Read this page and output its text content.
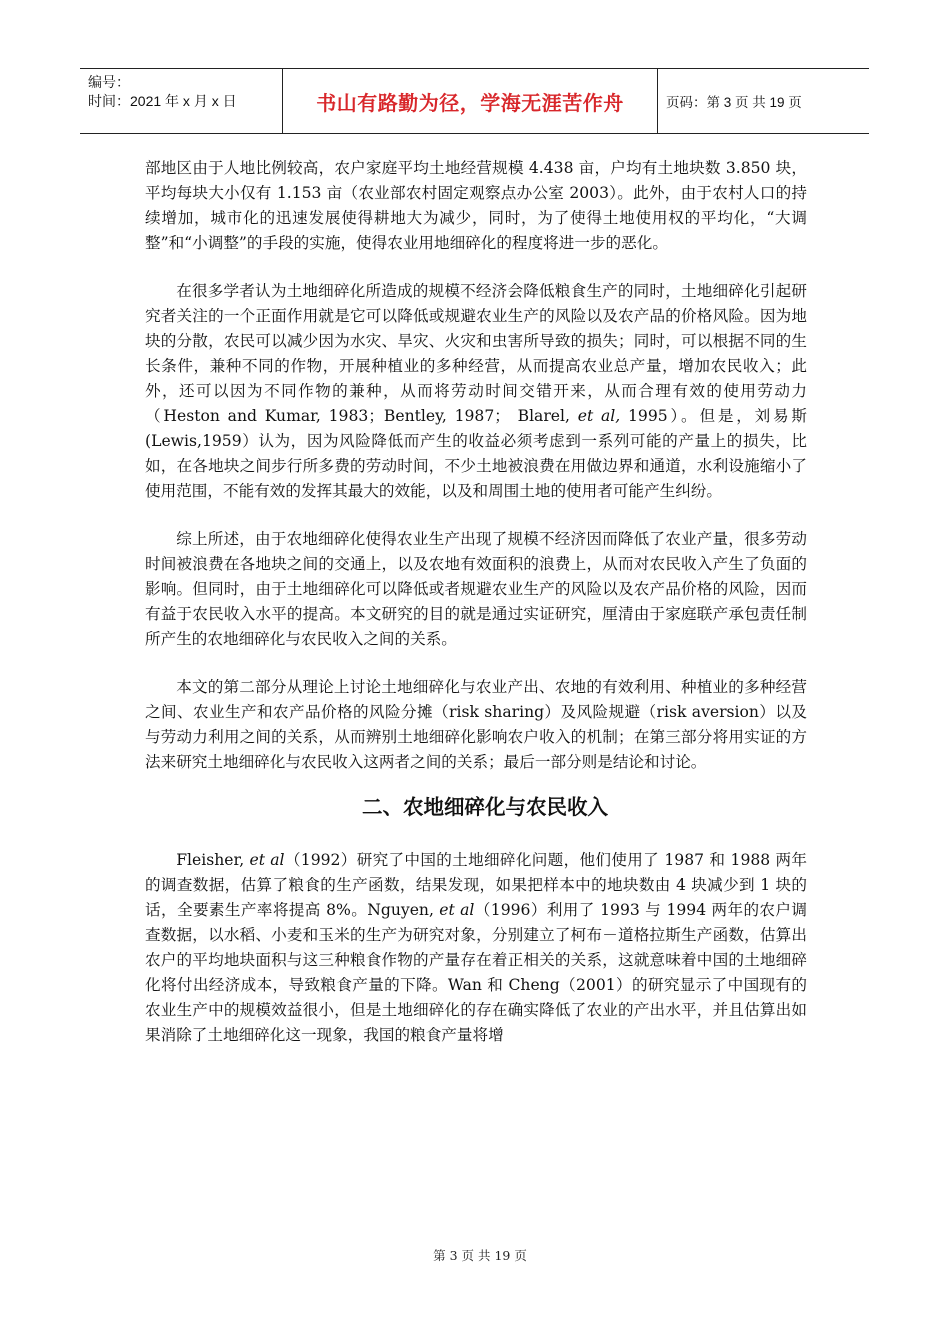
编号：
时间：2021 年 x 月 x 日	书山有路勤为径，学海无涯苦作舟	页码：第 3 页 共 19 页

部地区由于人地比例较高，农户家庭平均土地经营规模 4.438 亩，户均有土地块数 3.850 块，平均每块大小仅有 1.153 亩（农业部农村固定观察点办公室 2003）。此外，由于农村人口的持续增加，城市化的迅速发展使得耕地大为减少，同时，为了使得土地使用权的平均化，“大调整”和“小调整”的手段的实施，使得农业用地细碎化的程度将进一步的恶化。

在很多学者认为土地细碎化所造成的规模不经济会降低粮食生产的同时，土地细碎化引起研究者关注的一个正面作用就是它可以降低或规避农业生产的风险以及农产品的价格风险。因为地块的分散，农民可以减少因为水灾、旱灾、火灾和虫害所导致的损失；同时，可以根据不同的生长条件，兼种不同的作物，开展种植业的多种经营，从而提高农业总产量，增加农民收入；此外，还可以因为不同作物的兼种，从而将劳动时间交错开来，从而合理有效的使用劳动力（Heston and Kumar, 1983；Bentley, 1987； Blarel, et al, 1995）。但是，刘易斯(Lewis,1959）认为，因为风险降低而产生的收益必须考虑到一系列可能的产量上的损失，比如，在各地块之间步行所多费的劳动时间，不少土地被浪费在用做边界和通道，水利设施缩小了使用范围，不能有效的发挥其最大的效能，以及和周围土地的使用者可能产生纠纷。

综上所述，由于农地细碎化使得农业生产出现了规模不经济因而降低了农业产量，很多劳动时间被浪费在各地块之间的交通上，以及农地有效面积的浪费上，从而对农民收入产生了负面的影响。但同时，由于土地细碎化可以降低或者规避农业生产的风险以及农产品价格的风险，因而有益于农民收入水平的提高。本文研究的目的就是通过实证研究，厘清由于家庭联产承包责任制所产生的农地细碎化与农民收入之间的关系。

本文的第二部分从理论上讨论土地细碎化与农业产出、农地的有效利用、种植业的多种经营之间、农业生产和农产品价格的风险分摊（risk sharing）及风险规避（risk aversion）以及与劳动力利用之间的关系，从而辨别土地细碎化影响农户收入的机制；在第三部分将用实证的方法来研究土地细碎化与农民收入这两者之间的关系；最后一部分则是结论和讨论。

二、农地细碎化与农民收入

Fleisher, et al（1992）研究了中国的土地细碎化问题，他们使用了 1987 和 1988 两年的调查数据，估算了粮食的生产函数，结果发现，如果把样本中的地块数由 4 块减少到 1 块的话，全要素生产率将提高 8%。Nguyen, et al（1996）利用了 1993 与 1994 两年的农户调查数据，以水稻、小麦和玉米的生产为研究对象，分别建立了柯布－道格拉斯生产函数，估算出农户的平均地块面积与这三种粮食作物的产量存在着正相关的关系，这就意味着中国的土地细碎化将付出经济成本，导致粮食产量的下降。Wan 和 Cheng（2001）的研究显示了中国现有的农业生产中的规模效益很小，但是土地细碎化的存在确实降低了农业的产出水平，并且估算出如果消除了土地细碎化这一现象，我国的粮食产量将增

第 3 页 共 19 页
